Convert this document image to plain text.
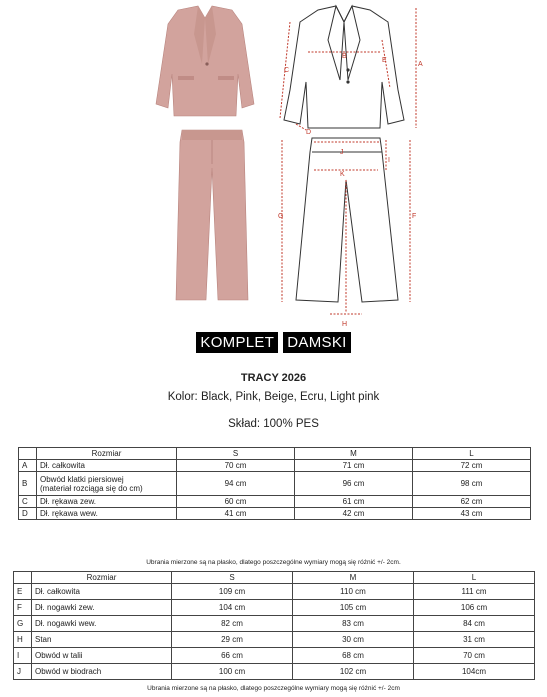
B
C
D
E
A
J
I
K
G	F
H
KOMPLET DAMSKI
TRACY 2026
Kolor: Black, Pink, Beige, Ecru, Light pink
Skład: 100% PES
	Rozmiar	S	M	L
A	Dł. całkowita	70 cm	71 cm	72 cm
B	Obwód klatki piersiowej
(materiał rozciąga się do cm)	94 cm	96 cm	98 cm
C	Dł. rękawa zew.	60 cm	61 cm	62 cm
D	Dł. rękawa wew.	41 cm	42 cm	43 cm
Ubrania mierzone są na płasko, dlatego poszczególne wymiary mogą się różnić +/- 2cm.
	Rozmiar	S	M	L
E	Dł. całkowita	109 cm	110 cm	111 cm
F	Dł. nogawki zew.	104 cm	105 cm	106 cm
G	Dł. nogawki wew.	82 cm	83 cm	84 cm
H	Stan	29 cm	30 cm	31 cm
I	Obwód w talii	66 cm	68 cm	70 cm
J	Obwód w biodrach	100 cm	102 cm	104cm
Ubrania mierzone są na płasko, dlatego poszczególne wymiary mogą się różnić +/- 2cm
